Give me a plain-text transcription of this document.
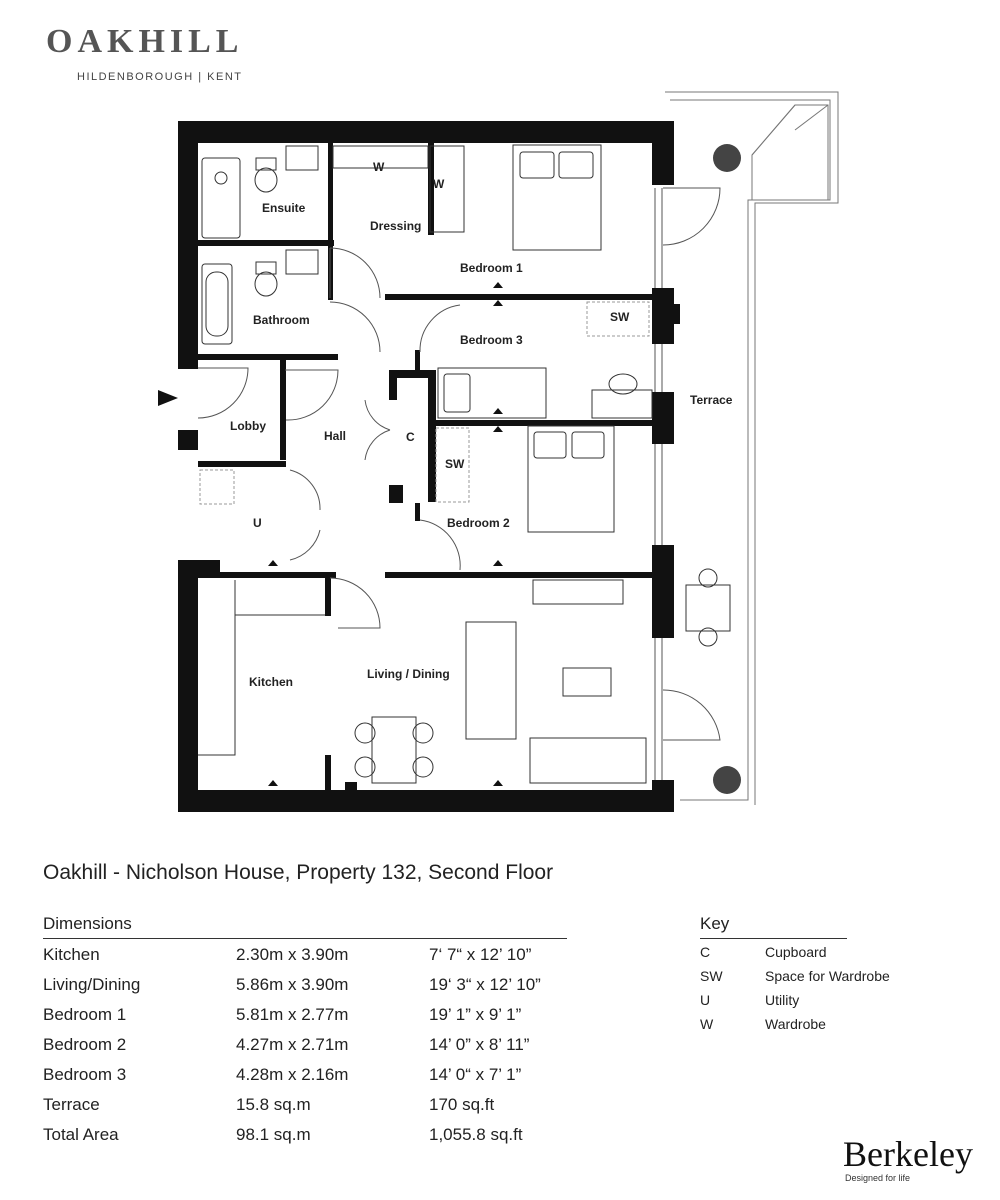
OAKHILL
HILDENBOROUGH | KENT
Ensuite
Dressing
Bedroom 1
Bathroom
Bedroom 3
Lobby
Hall	C
SW
SW
W
W
Terrace
Bedroom 2
U
Kitchen
Living / Dining
Oakhill - Nicholson House, Property 132, Second Floor
Dimensions
Kitchen	2.30m x 3.90m	7‘ 7“ x 12’ 10”
Living/Dining	5.86m x 3.90m	19‘ 3“ x 12’ 10”
Bedroom 1	5.81m x 2.77m	19’ 1” x 9’ 1”
Bedroom 2	4.27m x 2.71m	14’ 0” x 8’ 11”
Bedroom 3	4.28m x 2.16m	14’ 0“ x 7’ 1”
Terrace	15.8 sq.m	170 sq.ft
Total Area	98.1 sq.m	1,055.8 sq.ft
Key
C	Cupboard
SW	Space for Wardrobe
U	Utility
W	Wardrobe
Berkeley
Designed for life
